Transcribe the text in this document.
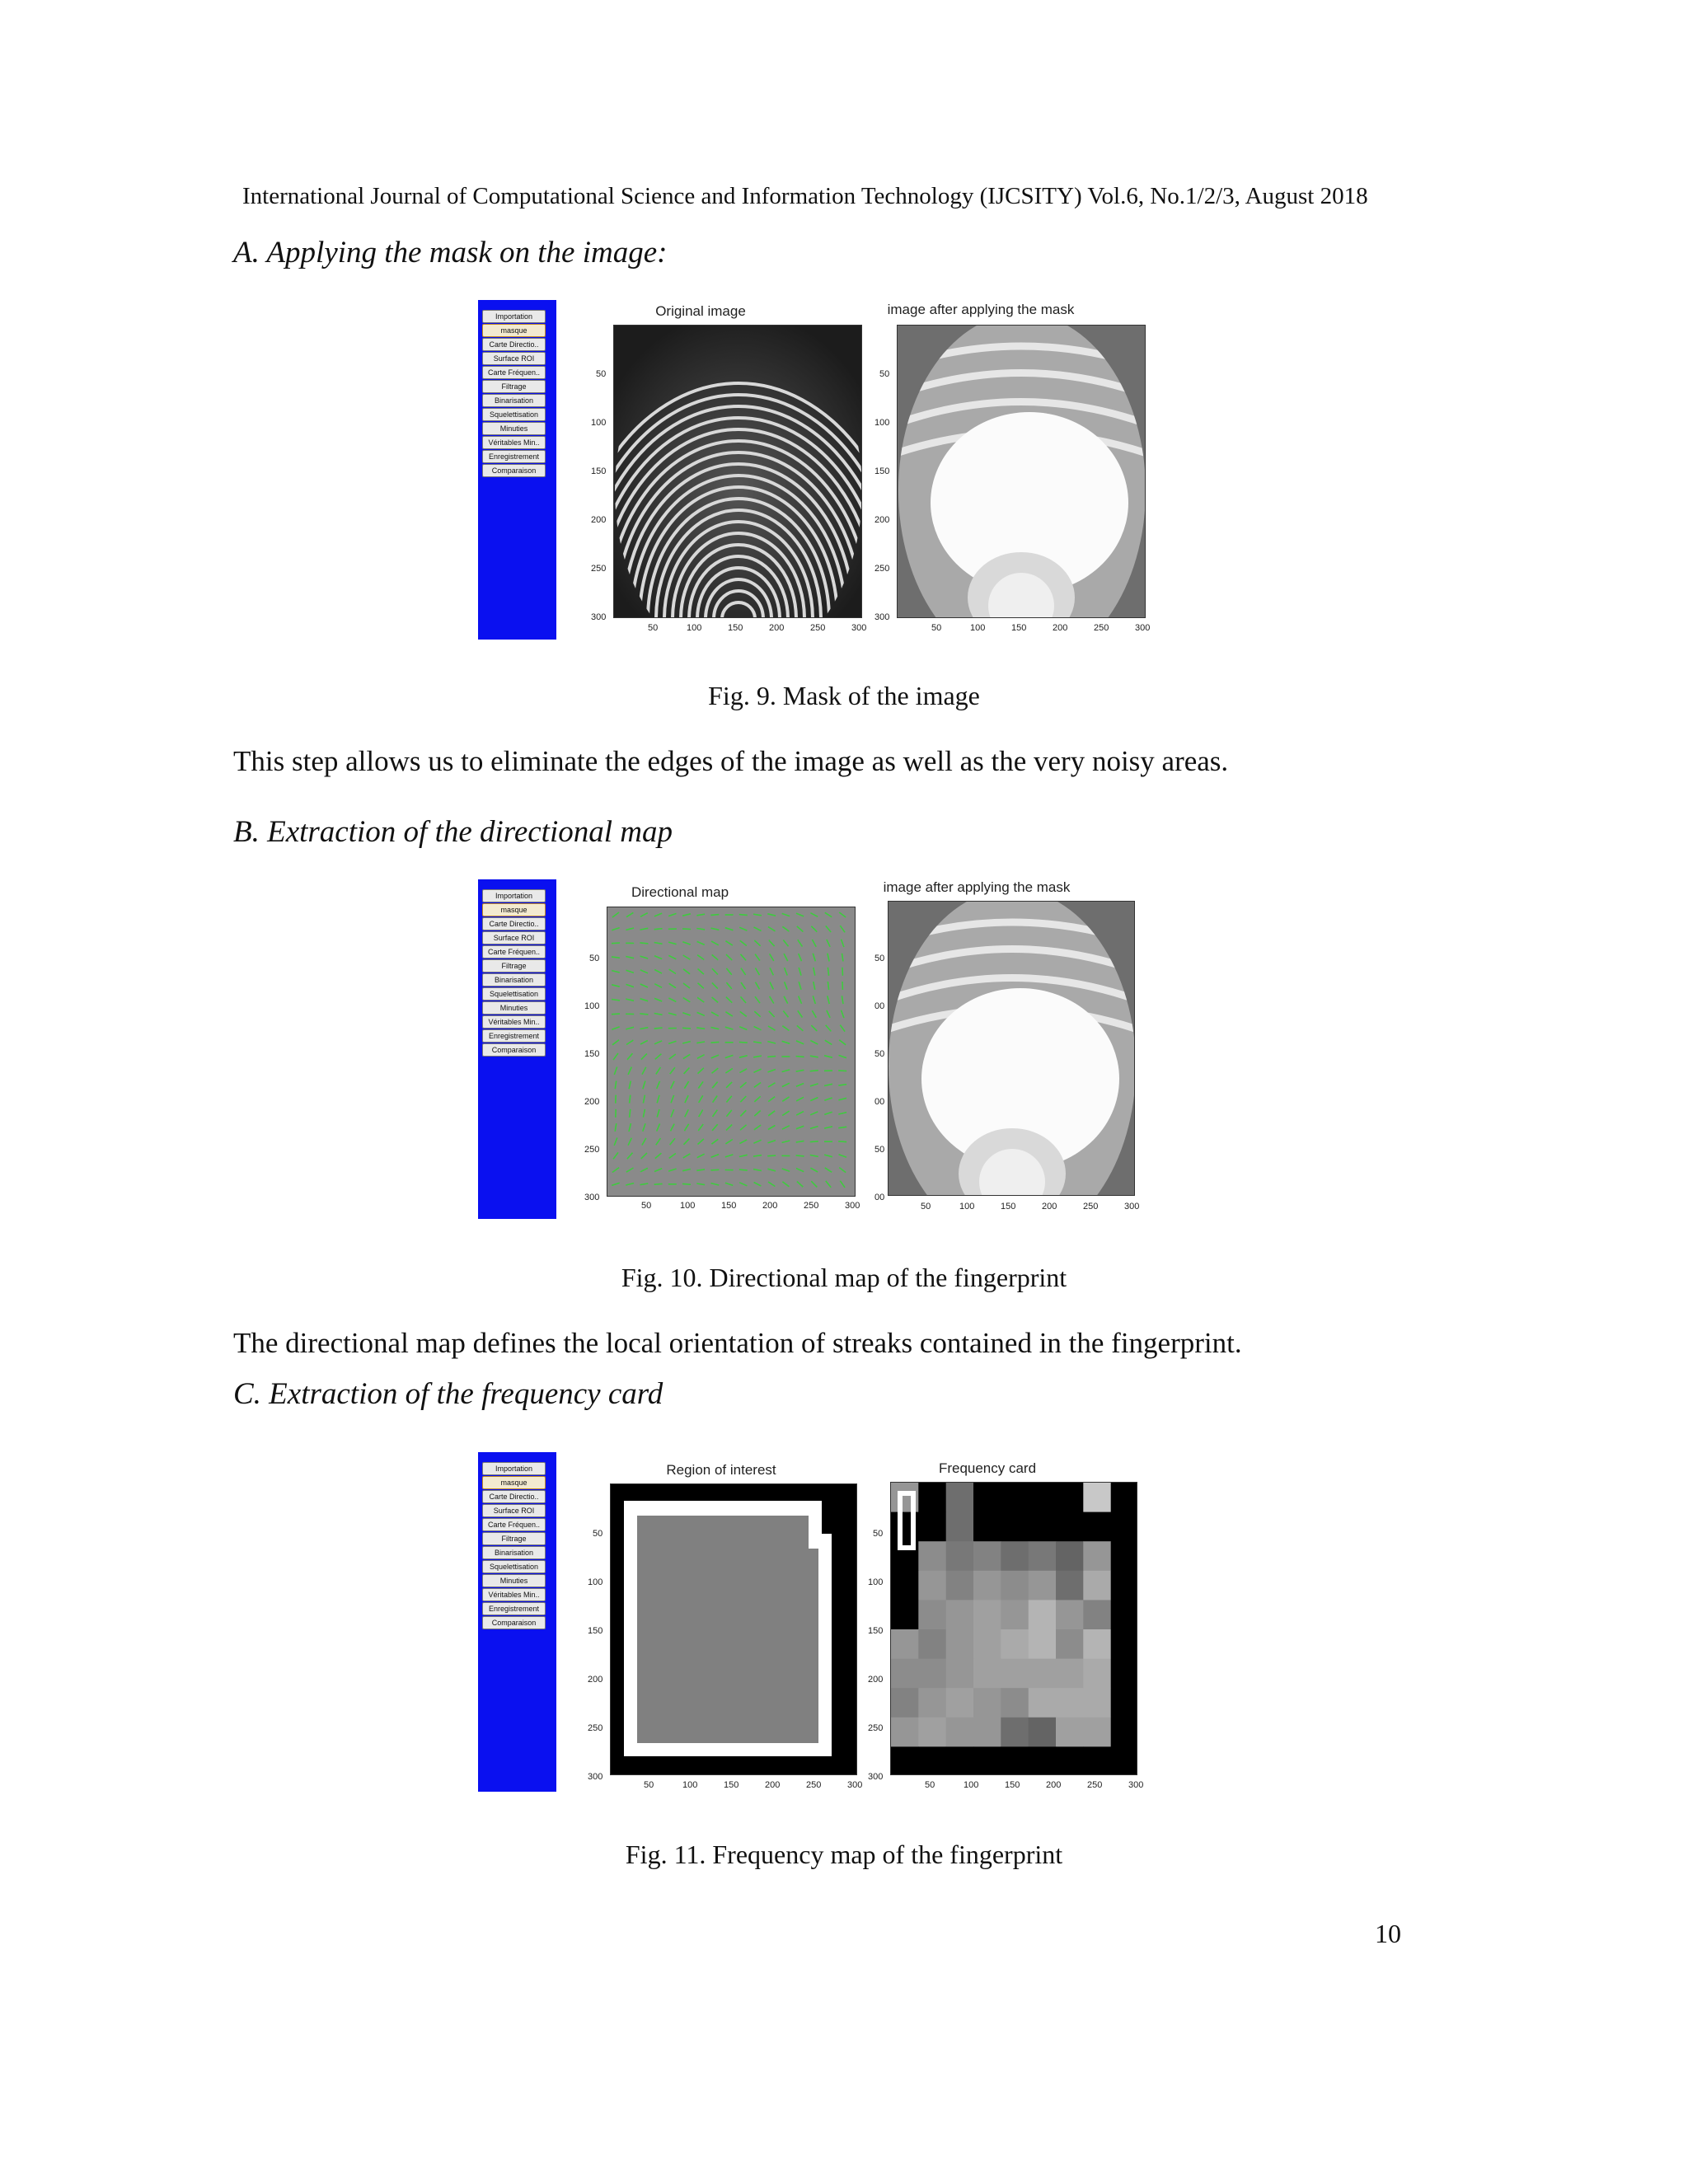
International Journal of Computational Science and Information Technology (IJCSITY) Vol.6, No.1/2/3, August 2018
A. Applying the mask on the image:
Importation
masque
Carte Directio..
Surface ROI
Carte Fréquen..
Filtrage
Binarisation
Squelettisation
Minuties
Véritables Min..
Enregistrement
Comparaison
Original image	image after applying the mask
50
100
150
200
250
300
50	100	150	200	250	300
50
100
150
200
250
300
50	100	150	200	250	300
Fig. 9. Mask of the image
This step allows us to eliminate the edges of the image as well as the very noisy areas.
B. Extraction of the directional map
Importation
masque
Carte Directio..
Surface ROI
Carte Fréquen..
Filtrage
Binarisation
Squelettisation
Minuties
Véritables Min..
Enregistrement
Comparaison
Directional map	image after applying the mask
50
100
150
200
250
300
50	100	150	200	250	300
50
00
50
00
50
00
50	100	150	200	250	300
Fig. 10. Directional map of the fingerprint
The directional map defines the local orientation of streaks contained in the fingerprint.
C. Extraction of the frequency card
Importation
masque
Carte Directio..
Surface ROI
Carte Fréquen..
Filtrage
Binarisation
Squelettisation
Minuties
Véritables Min..
Enregistrement
Comparaison
Region of interest	Frequency card
50
100
150
200
250
300
50	100	150	200	250	300
50
100
150
200
250
300
50	100	150	200	250	300
Fig. 11. Frequency map of the fingerprint
10
